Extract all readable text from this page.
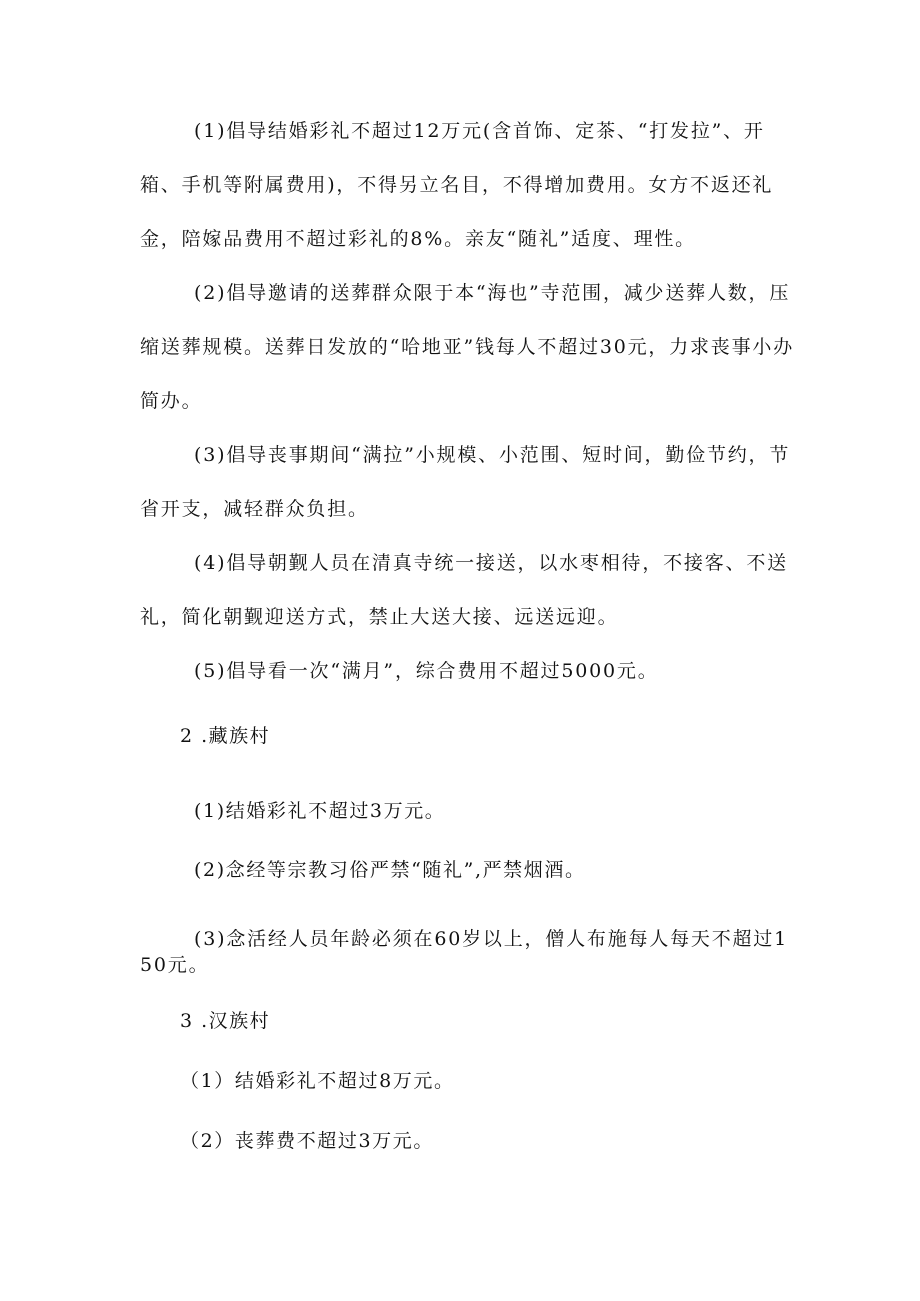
(1)倡导结婚彩礼不超过12万元(含首饰、定茶、“打发拉”、开箱、手机等附属费用)，不得另立名目，不得增加费用。女方不返还礼金，陪嫁品费用不超过彩礼的8%。亲友“随礼”适度、理性。

(2)倡导邀请的送葬群众限于本“海也”寺范围，减少送葬人数，压缩送葬规模。送葬日发放的“哈地亚”钱每人不超过30元，力求丧事小办简办。

(3)倡导丧事期间“满拉”小规模、小范围、短时间，勤俭节约，节省开支，减轻群众负担。

(4)倡导朝觐人员在清真寺统一接送，以水枣相待，不接客、不送礼，简化朝觐迎送方式，禁止大送大接、远送远迎。

(5)倡导看一次“满月”，综合费用不超过5000元。

2 .藏族村

(1)结婚彩礼不超过3万元。

(2)念经等宗教习俗严禁“随礼”,严禁烟酒。

(3)念活经人员年龄必须在60岁以上，僧人布施每人每天不超过150元。

3 .汉族村

（1）结婚彩礼不超过8万元。

（2）丧葬费不超过3万元。
